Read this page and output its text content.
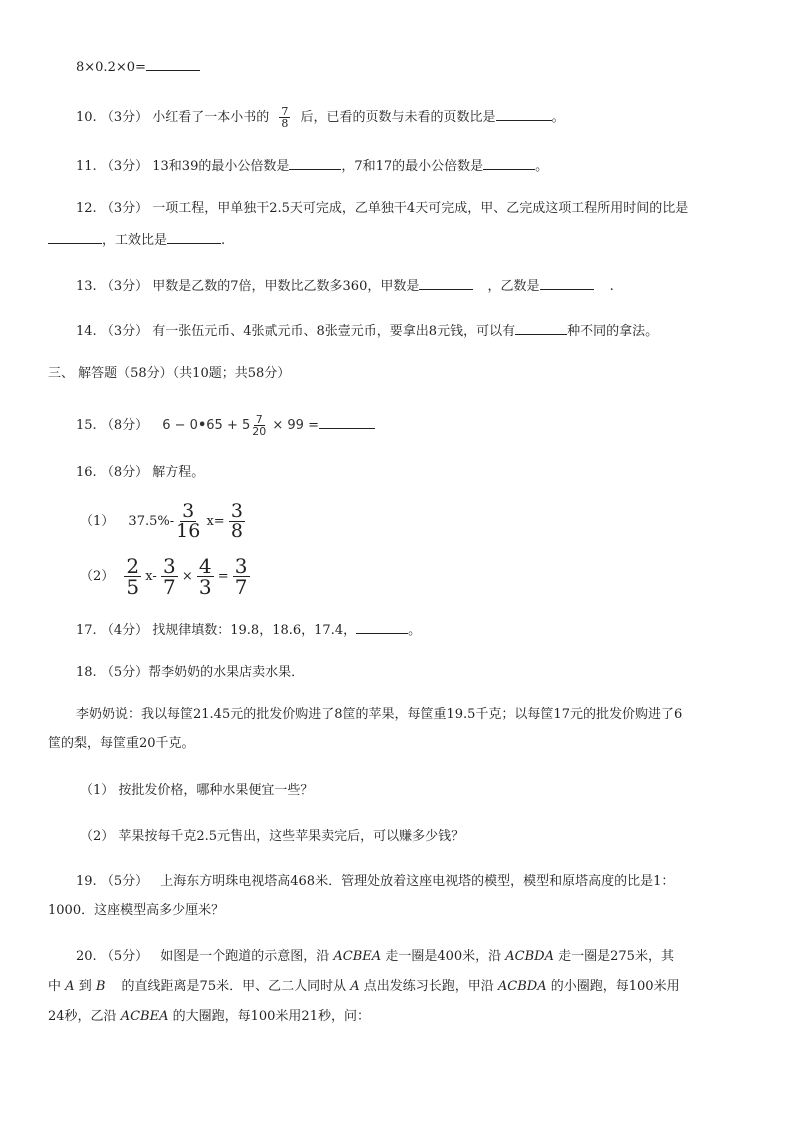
8×0.2×0=
10. （3分） 小红看了一本小书的 $\frac{7}{8}$ 后，已看的页数与未看的页数比是	。
11. （3分） 13和39的最小公倍数是	，7和17的最小公倍数是	。
12. （3分） 一项工程，甲单独干2.5天可完成，乙单独干4天可完成，甲、乙完成这项工程所用时间的比是
，工效比是	.
13. （3分） 甲数是乙数的7倍，甲数比乙数多360，甲数是	，乙数是	.
14. （3分） 有一张伍元币、4张贰元币、8张壹元币，要拿出8元钱，可以有	种不同的拿法。
三、 解答题（58分）（共10题；共58分）
15. （8分） 6 − 0•65 + $5 \frac{7}{20} \times 99$ =
16. （8分） 解方程。
（1） $37.5\%- \frac{3}{16} x= \frac{3}{8}$
$(2) \frac{2}{5} x- \frac{3}{7} \times \frac{4}{3} = \frac{3}{7}$
17. （4分） 找规律填数：19.8，18.6，17.4，	。
18. （5分）帮李奶奶的水果店卖水果．
李奶奶说：我以每筐21.45元的批发价购进了8筐的苹果，每筐重19.5千克；以每筐17元的批发价购进了6
筐的梨，每筐重20千克。
（1） 按批发价格，哪种水果便宜一些？
（2） 苹果按每千克2.5元售出，这些苹果卖完后，可以赚多少钱？
19. （5分） 上海东方明珠电视塔高468米．管理处放着这座电视塔的模型，模型和原塔高度的比是1：
1000．这座模型高多少厘米？
20. （5分） 如图是一个跑道的示意图，沿 ACBEA 走一圈是400米，沿 ACBDA 走一圈是275米，其
中 A 到 B 的直线距离是75米．甲、乙二人同时从 A 点出发练习长跑，甲沿 ACBDA 的小圈跑，每100米用
24秒，乙沿 ACBEA 的大圈跑，每100米用21秒，问：
